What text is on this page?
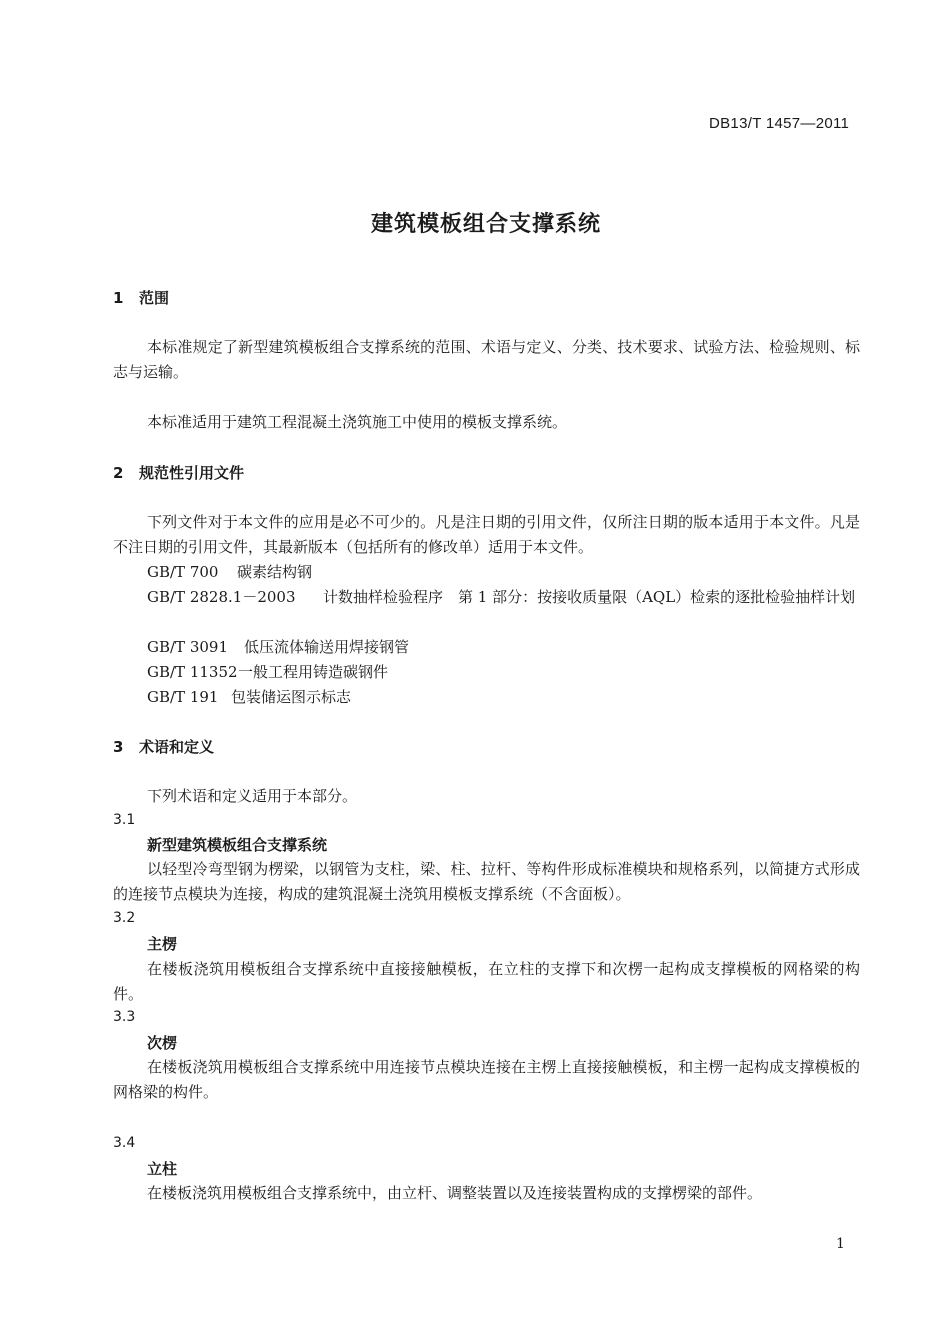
DB13/T 1457—2011
建筑模板组合支撑系统
1 范围
本标准规定了新型建筑模板组合支撑系统的范围、术语与定义、分类、技术要求、试验方法、检验规则、标志与运输。
本标准适用于建筑工程混凝土浇筑施工中使用的模板支撑系统。
2 规范性引用文件
下列文件对于本文件的应用是必不可少的。凡是注日期的引用文件，仅所注日期的版本适用于本文件。凡是不注日期的引用文件，其最新版本（包括所有的修改单）适用于本文件。
GB/T 700 碳素结构钢
GB/T 2828.1－2003 计数抽样检验程序　第 1 部分：按接收质量限（AQL）检索的逐批检验抽样计划
GB/T 3091 低压流体输送用焊接钢管
GB/T 11352一般工程用铸造碳钢件
GB/T 191 包装储运图示标志
3 术语和定义
下列术语和定义适用于本部分。
3.1
新型建筑模板组合支撑系统
以轻型冷弯型钢为楞梁，以钢管为支柱，梁、柱、拉杆、等构件形成标准模块和规格系列，以简捷方式形成的连接节点模块为连接，构成的建筑混凝土浇筑用模板支撑系统（不含面板）。
3.2
主楞
在楼板浇筑用模板组合支撑系统中直接接触模板，在立柱的支撑下和次楞一起构成支撑模板的网格梁的构件。
3.3
次楞
在楼板浇筑用模板组合支撑系统中用连接节点模块连接在主楞上直接接触模板，和主楞一起构成支撑模板的网格梁的构件。
3.4
立柱
在楼板浇筑用模板组合支撑系统中，由立杆、调整装置以及连接装置构成的支撑楞梁的部件。
1
